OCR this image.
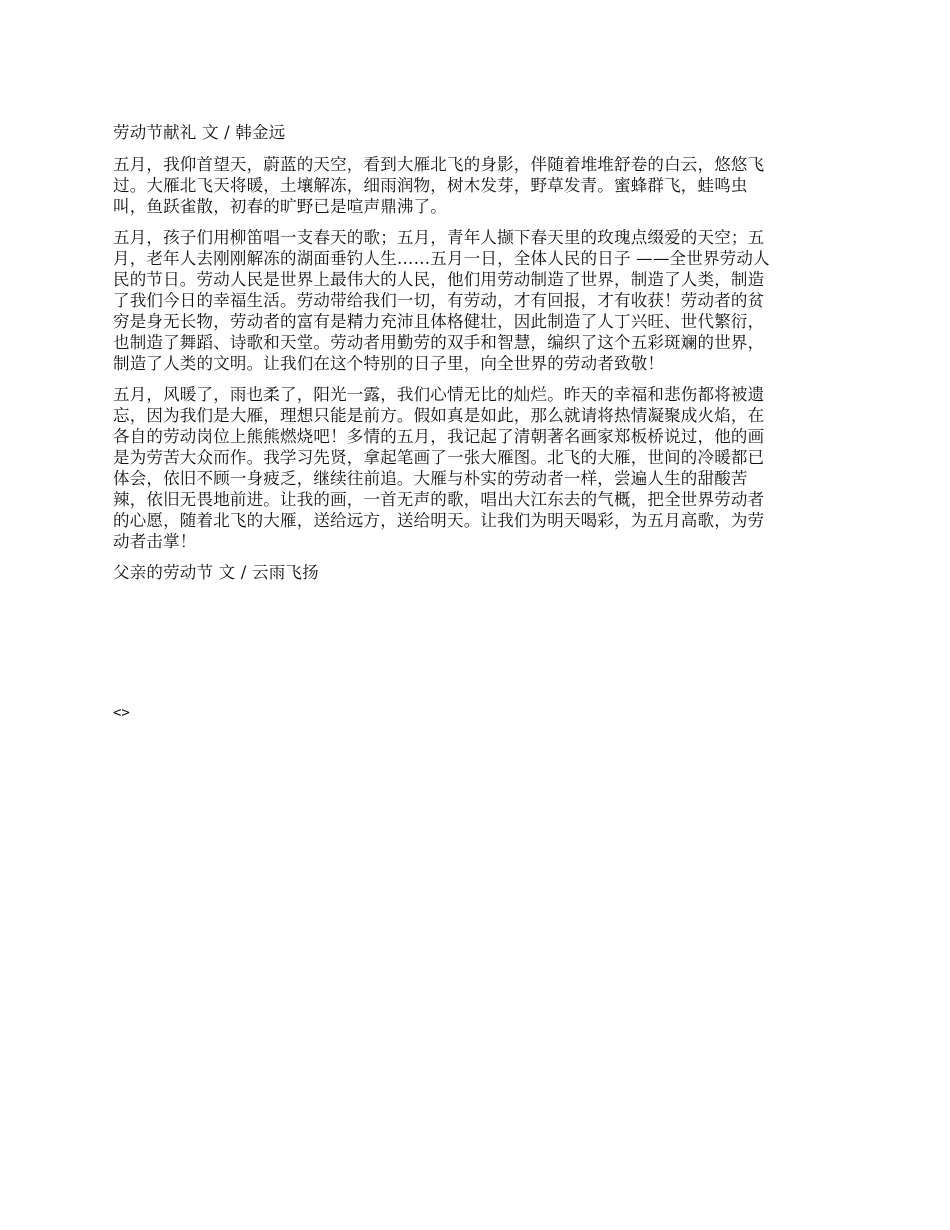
劳动节献礼 文 / 韩金远
五月，我仰首望天，蔚蓝的天空，看到大雁北飞的身影，伴随着堆堆舒卷的白云，悠悠飞
过。大雁北飞天将暖，土壤解冻，细雨润物，树木发芽，野草发青。蜜蜂群飞，蛙鸣虫
叫，鱼跃雀散，初春的旷野已是喧声鼎沸了。
五月，孩子们用柳笛唱一支春天的歌；五月，青年人撷下春天里的玫瑰点缀爱的天空；五
月，老年人去刚刚解冻的湖面垂钓人生……五月一日，全体人民的日子 ——全世界劳动人
民的节日。劳动人民是世界上最伟大的人民，他们用劳动制造了世界，制造了人类，制造
了我们今日的幸福生活。劳动带给我们一切，有劳动，才有回报，才有收获！劳动者的贫
穷是身无长物，劳动者的富有是精力充沛且体格健壮，因此制造了人丁兴旺、世代繁衍，
也制造了舞蹈、诗歌和天堂。劳动者用勤劳的双手和智慧，编织了这个五彩斑斓的世界，
制造了人类的文明。让我们在这个特别的日子里，向全世界的劳动者致敬！
五月，风暖了，雨也柔了，阳光一露，我们心情无比的灿烂。昨天的幸福和悲伤都将被遗
忘，因为我们是大雁，理想只能是前方。假如真是如此，那么就请将热情凝聚成火焰，在
各自的劳动岗位上熊熊燃烧吧！多情的五月，我记起了清朝著名画家郑板桥说过，他的画
是为劳苦大众而作。我学习先贤，拿起笔画了一张大雁图。北飞的大雁，世间的冷暖都已
体会，依旧不顾一身疲乏，继续往前追。大雁与朴实的劳动者一样，尝遍人生的甜酸苦
辣，依旧无畏地前进。让我的画，一首无声的歌，唱出大江东去的气概，把全世界劳动者
的心愿，随着北飞的大雁，送给远方，送给明天。让我们为明天喝彩，为五月高歌，为劳
动者击掌！
父亲的劳动节 文 / 云雨飞扬
<>
